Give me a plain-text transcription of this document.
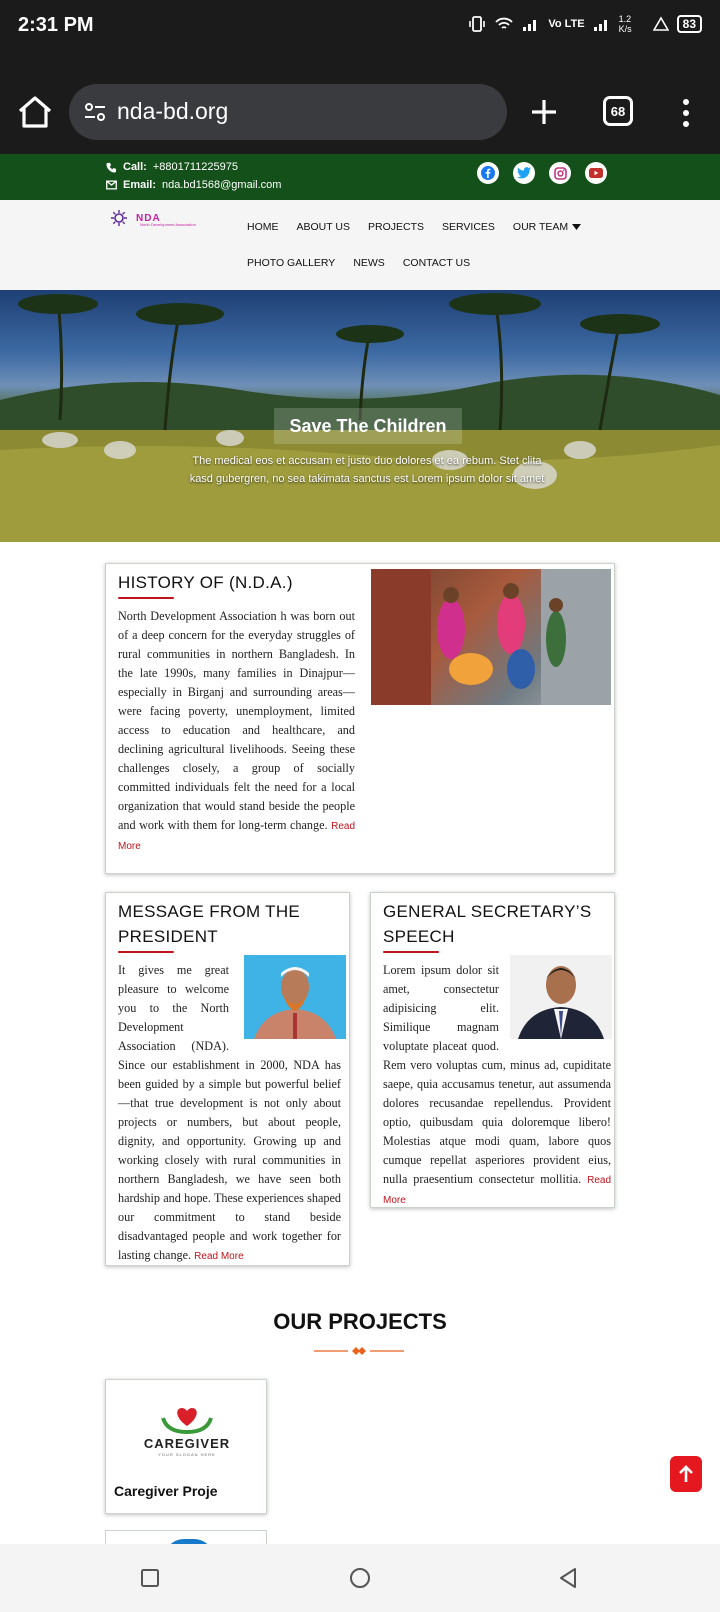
2:31 PM	Vo LTE	1.2 K/s	83
nda-bd.org	68
Call: +8801711225975
Email: nda.bd1568@gmail.com
NDA
North Development Association	HOME ABOUT US PROJECTS SERVICES OUR TEAM
PHOTO GALLERY NEWS CONTACT US
Save The Children
The medical eos et accusam et justo duo dolores et ea rebum. Stet clita kasd gubergren, no sea takimata sanctus est Lorem ipsum dolor sit amet
HISTORY OF (N.D.A.)

North Development Association h was born out of a deep concern for the everyday struggles of rural communities in northern Bangladesh. In the late 1990s, many families in Dinajpur—especially in Birganj and surrounding areas—were facing poverty, unemployment, limited access to education and healthcare, and declining agricultural livelihoods. Seeing these challenges closely, a group of socially committed individuals felt the need for a local organization that would stand beside the people and work with them for long-term change. Read More

MESSAGE FROM THE PRESIDENT

It gives me great pleasure to welcome you to the North Development Association (NDA). Since our establishment in 2000, NDA has been guided by a simple but powerful belief—that true development is not only about projects or numbers, but about people, dignity, and opportunity. Growing up and working closely with rural communities in northern Bangladesh, we have seen both hardship and hope. These experiences shaped our commitment to stand beside disadvantaged people and work together for lasting change. Read More

GENERAL SECRETARY’S SPEECH

Lorem ipsum dolor sit amet, consectetur adipisicing elit. Similique magnam voluptate placeat quod. Rem vero voluptas cum, minus ad, cupiditate saepe, quia accusamus tenetur, aut assumenda dolores recusandae repellendus. Provident optio, quibusdam quia doloremque libero! Molestias atque modi quam, labore quos cumque repellat asperiores provident eius, nulla praesentium consectetur mollitia. Read More

OUR PROJECTS
CAREGIVER
YOUR SLOGAN HERE
Caregiver Proje
